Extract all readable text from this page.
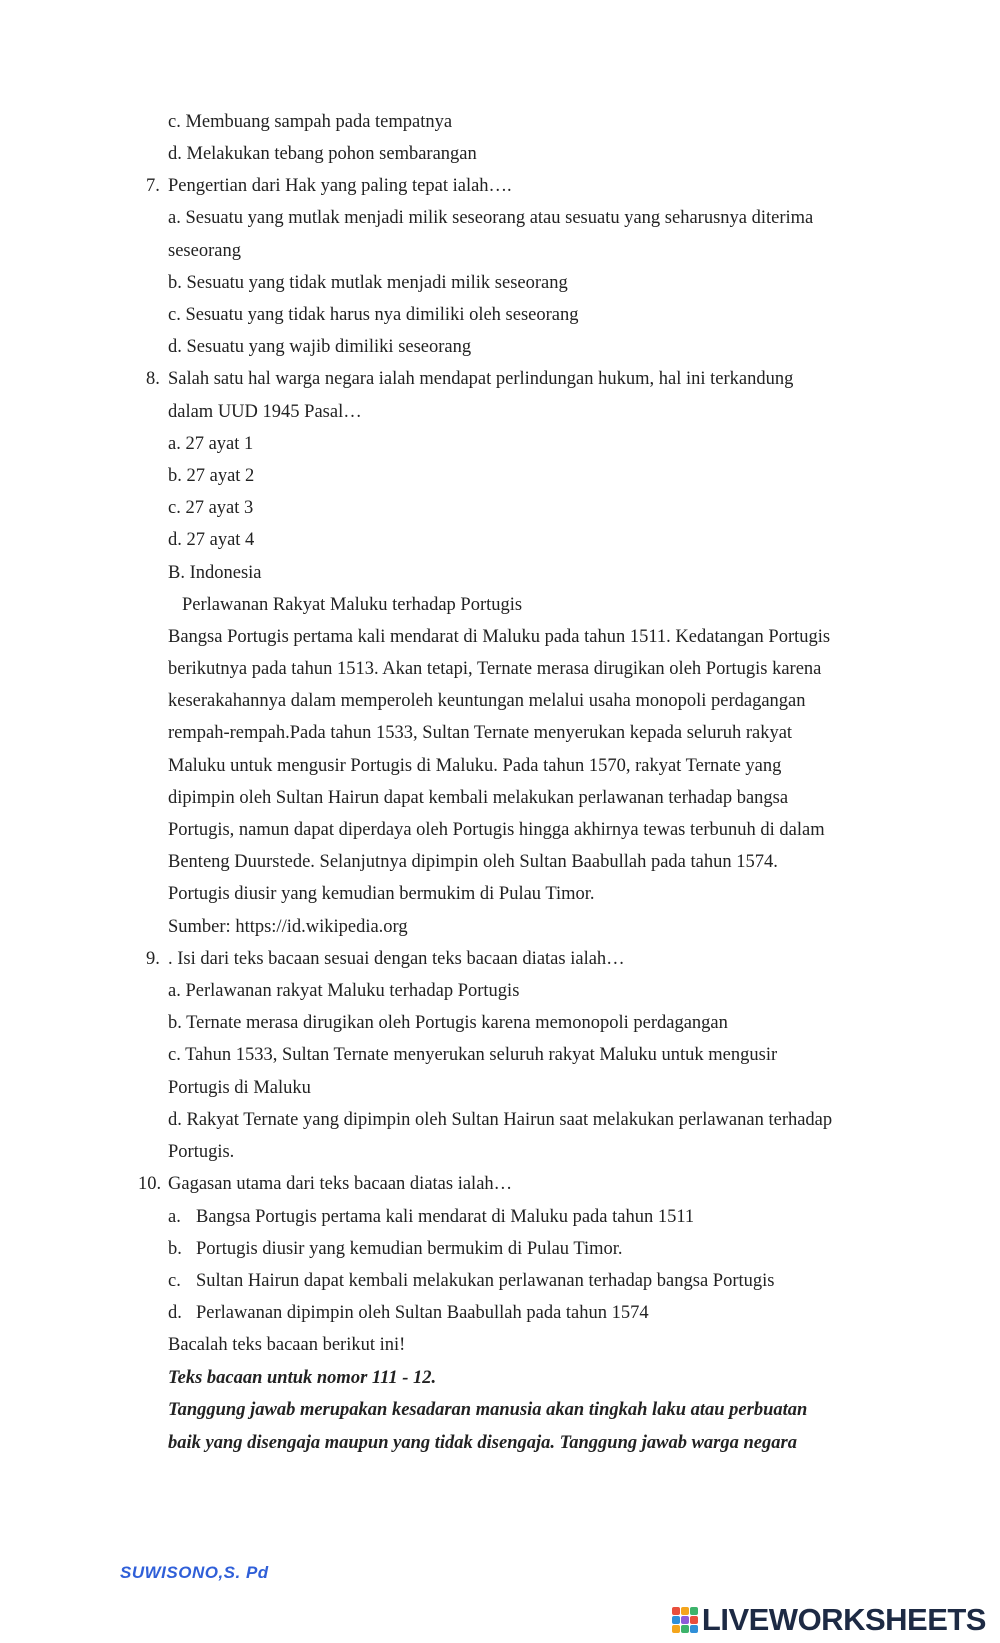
c. Membuang sampah pada tempatnya
d. Melakukan tebang pohon sembarangan
7. Pengertian dari Hak yang paling tepat ialah….
a. Sesuatu yang mutlak menjadi milik seseorang atau sesuatu yang seharusnya diterima
seseorang
b. Sesuatu yang tidak mutlak menjadi milik seseorang
c. Sesuatu yang tidak harus nya dimiliki oleh seseorang
d. Sesuatu yang wajib dimiliki seseorang
8. Salah satu hal warga negara ialah mendapat perlindungan hukum, hal ini terkandung
dalam UUD 1945 Pasal…
a. 27 ayat 1
b. 27 ayat 2
c. 27 ayat 3
d. 27 ayat 4
B. Indonesia
Perlawanan Rakyat Maluku terhadap Portugis
Bangsa Portugis pertama kali mendarat di Maluku pada tahun 1511. Kedatangan Portugis
berikutnya pada tahun 1513. Akan tetapi, Ternate merasa dirugikan oleh Portugis karena
keserakahannya dalam memperoleh keuntungan melalui usaha monopoli perdagangan
rempah-rempah.Pada tahun 1533, Sultan Ternate menyerukan kepada seluruh rakyat
Maluku untuk mengusir Portugis di Maluku. Pada tahun 1570, rakyat Ternate yang
dipimpin oleh Sultan Hairun dapat kembali melakukan perlawanan terhadap bangsa
Portugis, namun dapat diperdaya oleh Portugis hingga akhirnya tewas terbunuh di dalam
Benteng Duurstede. Selanjutnya dipimpin oleh Sultan Baabullah pada tahun 1574.
Portugis diusir yang kemudian bermukim di Pulau Timor.
Sumber: https://id.wikipedia.org
9. . Isi dari teks bacaan sesuai dengan teks bacaan diatas ialah…
a. Perlawanan rakyat Maluku terhadap Portugis
b. Ternate merasa dirugikan oleh Portugis karena memonopoli perdagangan
c. Tahun 1533, Sultan Ternate menyerukan seluruh rakyat Maluku untuk mengusir
Portugis di Maluku
d. Rakyat Ternate yang dipimpin oleh Sultan Hairun saat melakukan perlawanan terhadap
Portugis.
10. Gagasan utama dari teks bacaan diatas ialah…
a. Bangsa Portugis pertama kali mendarat di Maluku pada tahun 1511
b. Portugis diusir yang kemudian bermukim di Pulau Timor.
c. Sultan Hairun dapat kembali melakukan perlawanan terhadap bangsa Portugis
d. Perlawanan dipimpin oleh Sultan Baabullah pada tahun 1574
Bacalah teks bacaan berikut ini!
Teks bacaan untuk nomor 111 - 12.
Tanggung jawab merupakan kesadaran manusia akan tingkah laku atau perbuatan
baik yang disengaja maupun yang tidak disengaja. Tanggung jawab warga negara
SUWISONO,S. Pd
LIVEWORKSHEETS
